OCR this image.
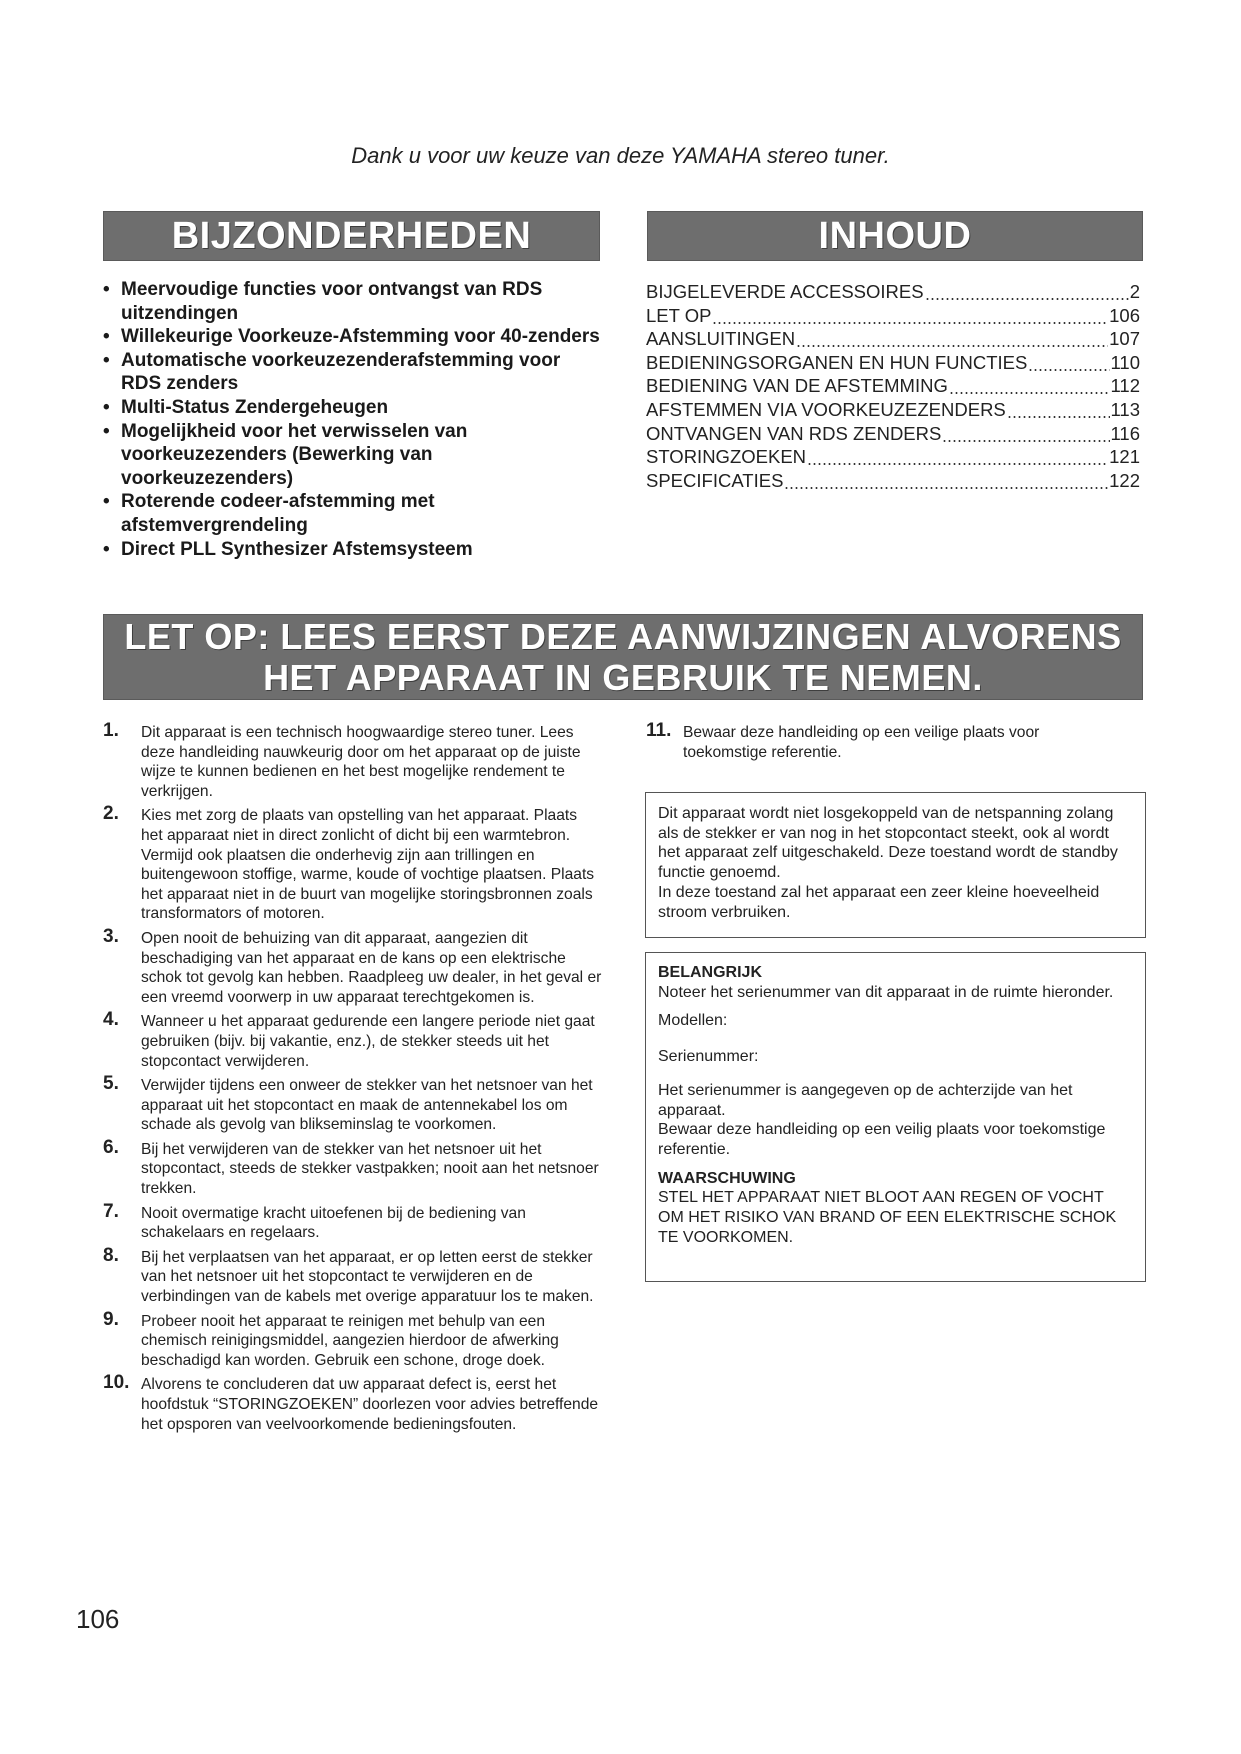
Dank u voor uw keuze van deze YAMAHA stereo tuner.
BIJZONDERHEDEN	INHOUD
• Meervoudige functies voor ontvangst van RDS uitzendingen
• Willekeurige Voorkeuze-Afstemming voor 40-zenders
• Automatische voorkeuzezenderafstemming voor RDS zenders
• Multi-Status Zendergeheugen
• Mogelijkheid voor het verwisselen van voorkeuzezenders (Bewerking van voorkeuzezenders)
• Roterende codeer-afstemming met afstemvergrendeling
• Direct PLL Synthesizer Afstemsysteem
BIJGELEVERDE ACCESSOIRES	2
LET OP	106
AANSLUITINGEN	107
BEDIENINGSORGANEN EN HUN FUNCTIES	110
BEDIENING VAN DE AFSTEMMING	112
AFSTEMMEN VIA VOORKEUZEZENDERS	113
ONTVANGEN VAN RDS ZENDERS	116
STORINGZOEKEN	121
SPECIFICATIES	122
LET OP: LEES EERST DEZE AANWIJZINGEN ALVORENS
HET APPARAAT IN GEBRUIK TE NEMEN.
1. Dit apparaat is een technisch hoogwaardige stereo tuner. Lees deze handleiding nauwkeurig door om het apparaat op de juiste wijze te kunnen bedienen en het best mogelijke rendement te verkrijgen.
2. Kies met zorg de plaats van opstelling van het apparaat. Plaats het apparaat niet in direct zonlicht of dicht bij een warmtebron. Vermijd ook plaatsen die onderhevig zijn aan trillingen en buitengewoon stoffige, warme, koude of vochtige plaatsen. Plaats het apparaat niet in de buurt van mogelijke storingsbronnen zoals transformators of motoren.
3. Open nooit de behuizing van dit apparaat, aangezien dit beschadiging van het apparaat en de kans op een elektrische schok tot gevolg kan hebben. Raadpleeg uw dealer, in het geval er een vreemd voorwerp in uw apparaat terechtgekomen is.
4. Wanneer u het apparaat gedurende een langere periode niet gaat gebruiken (bijv. bij vakantie, enz.), de stekker steeds uit het stopcontact verwijderen.
5. Verwijder tijdens een onweer de stekker van het netsnoer van het apparaat uit het stopcontact en maak de antennekabel los om schade als gevolg van blikseminslag te voorkomen.
6. Bij het verwijderen van de stekker van het netsnoer uit het stopcontact, steeds de stekker vastpakken; nooit aan het netsnoer trekken.
7. Nooit overmatige kracht uitoefenen bij de bediening van schakelaars en regelaars.
8. Bij het verplaatsen van het apparaat, er op letten eerst de stekker van het netsnoer uit het stopcontact te verwijderen en de verbindingen van de kabels met overige apparatuur los te maken.
9. Probeer nooit het apparaat te reinigen met behulp van een chemisch reinigingsmiddel, aangezien hierdoor de afwerking beschadigd kan worden. Gebruik een schone, droge doek.
10. Alvorens te concluderen dat uw apparaat defect is, eerst het hoofdstuk “STORINGZOEKEN” doorlezen voor advies betreffende het opsporen van veelvoorkomende bedieningsfouten.
11. Bewaar deze handleiding op een veilige plaats voor toekomstige referentie.

Dit apparaat wordt niet losgekoppeld van de netspanning zolang als de stekker er van nog in het stopcontact steekt, ook al wordt het apparaat zelf uitgeschakeld. Deze toestand wordt de standby functie genoemd.

In deze toestand zal het apparaat een zeer kleine hoeveelheid stroom verbruiken.

BELANGRIJK

Noteer het serienummer van dit apparaat in de ruimte hieronder.

Modellen:

Serienummer:

Het serienummer is aangegeven op de achterzijde van het apparaat.

Bewaar deze handleiding op een veilig plaats voor toekomstige referentie.

WAARSCHUWING

STEL HET APPARAAT NIET BLOOT AAN REGEN OF VOCHT OM HET RISIKO VAN BRAND OF EEN ELEKTRISCHE SCHOK TE VOORKOMEN.

106
